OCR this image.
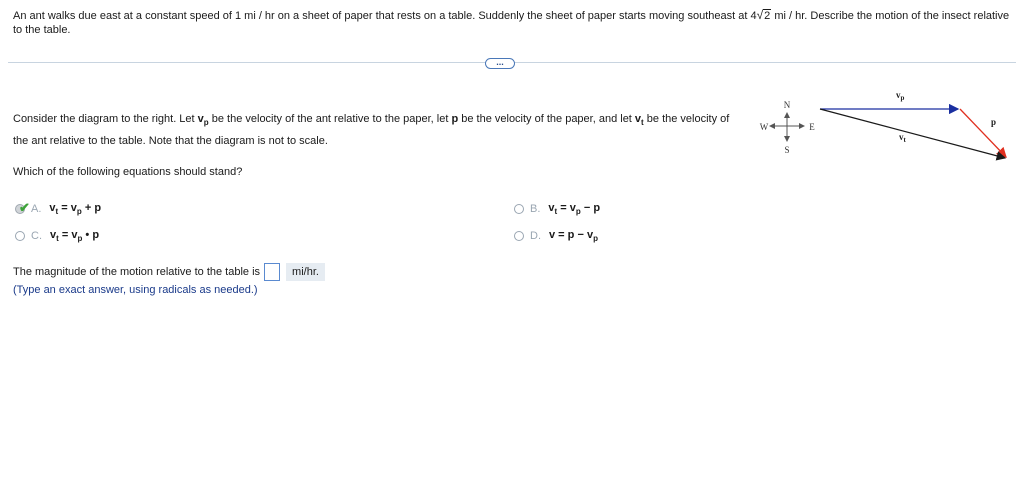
An ant walks due east at a constant speed of 1 mi / hr on a sheet of paper that rests on a table. Suddenly the sheet of paper starts moving southeast at 4√2 mi / hr. Describe the motion of the insect relative to the table.
...
Consider the diagram to the right. Let $v_p$ be the velocity of the ant relative to the paper, let p be the velocity of the paper, and let $v_t$ be the velocity of the ant relative to the table. Note that the diagram is not to scale.
Which of the following equations should stand?
✔ A. $v_t = v_p + p$	B. $v_t = v_p - p$
C. $v_t = v_p$ • p	D. $v = p - v_p$
The magnitude of the motion relative to the table is	mi/hr.
(Type an exact answer, using radicals as needed.)
N
S
E
W
$v_p$
p
$v_t$
